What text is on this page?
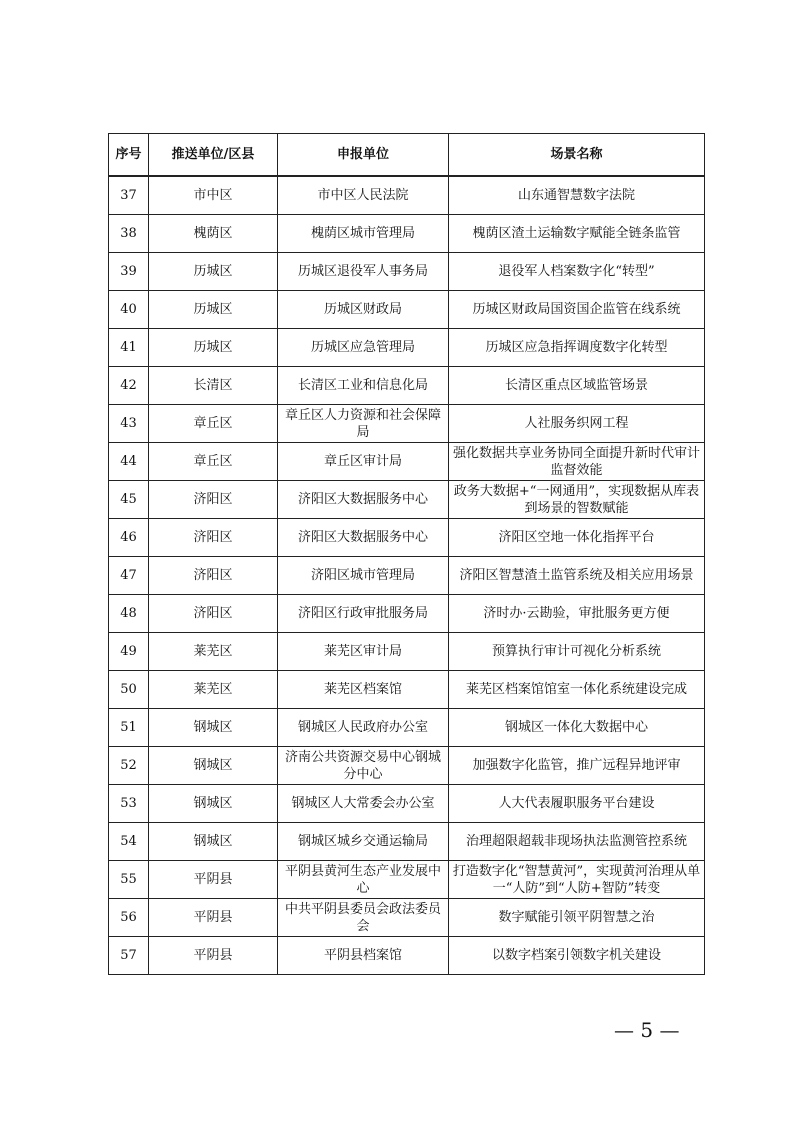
序号	推送单位/区县	申报单位	场景名称
37	市中区	市中区人民法院	山东通智慧数字法院
38	槐荫区	槐荫区城市管理局	槐荫区渣土运输数字赋能全链条监管
39	历城区	历城区退役军人事务局	退役军人档案数字化“转型”
40	历城区	历城区财政局	历城区财政局国资国企监管在线系统
41	历城区	历城区应急管理局	历城区应急指挥调度数字化转型
42	长清区	长清区工业和信息化局	长清区重点区域监管场景
43	章丘区	章丘区人力资源和社会保障局	人社服务织网工程
44	章丘区	章丘区审计局	强化数据共享业务协同全面提升新时代审计监督效能
45	济阳区	济阳区大数据服务中心	政务大数据+“一网通用”，实现数据从库表到场景的智数赋能
46	济阳区	济阳区大数据服务中心	济阳区空地一体化指挥平台
47	济阳区	济阳区城市管理局	济阳区智慧渣土监管系统及相关应用场景
48	济阳区	济阳区行政审批服务局	济时办·云勘验，审批服务更方便
49	莱芜区	莱芜区审计局	预算执行审计可视化分析系统
50	莱芜区	莱芜区档案馆	莱芜区档案馆馆室一体化系统建设完成
51	钢城区	钢城区人民政府办公室	钢城区一体化大数据中心
52	钢城区	济南公共资源交易中心钢城分中心	加强数字化监管，推广远程异地评审
53	钢城区	钢城区人大常委会办公室	人大代表履职服务平台建设
54	钢城区	钢城区城乡交通运输局	治理超限超载非现场执法监测管控系统
55	平阴县	平阴县黄河生态产业发展中心	打造数字化“智慧黄河”，实现黄河治理从单一“人防”到“人防+智防”转变
56	平阴县	中共平阴县委员会政法委员会	数字赋能引领平阴智慧之治
57	平阴县	平阴县档案馆	以数字档案引领数字机关建设
— 5 —
